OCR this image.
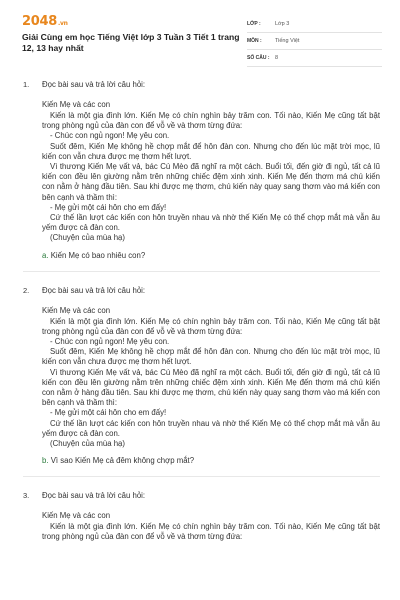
2048.vn
Giải Cùng em học Tiếng Việt lớp 3 Tuần 3 Tiết 1 trang 12, 13 hay nhất
LỚP :	Lớp 3
MÔN :	Tiếng Việt
SỐ CÂU :	8
1. Đọc bài sau và trả lời câu hỏi:
Kiến Mẹ và các con
Kiến là một gia đình lớn. Kiến Mẹ có chín nghìn bảy trăm con. Tối nào, Kiến Mẹ cũng tất bật trong phòng ngủ của đàn con để vỗ về và thơm từng đứa:
- Chúc con ngủ ngon! Mẹ yêu con.
Suốt đêm, Kiến Mẹ không hề chợp mắt để hôn đàn con. Nhưng cho đến lúc mặt trời mọc, lũ kiến con vẫn chưa được mẹ thơm hết lượt.
Vì thương Kiến Mẹ vất vả, bác Cú Mèo đã nghĩ ra một cách. Buổi tối, đến giờ đi ngủ, tất cả lũ kiến con đều lên giường nằm trên những chiếc đệm xinh xinh. Kiến Mẹ đến thơm má chú kiến con nằm ở hàng đầu tiên. Sau khi được mẹ thơm, chú kiến này quay sang thơm vào má kiến con bên cạnh và thầm thì:
- Mẹ gửi một cái hôn cho em đấy!
Cứ thế lần lượt các kiến con hôn truyền nhau và nhờ thế Kiến Mẹ có thể chợp mắt mà vẫn âu yếm được cả đàn con.
(Chuyện của mùa hạ)
a. Kiến Mẹ có bao nhiêu con?
2. Đọc bài sau và trả lời câu hỏi:
Kiến Mẹ và các con
Kiến là một gia đình lớn. Kiến Mẹ có chín nghìn bảy trăm con. Tối nào, Kiến Mẹ cũng tất bật trong phòng ngủ của đàn con để vỗ về và thơm từng đứa:
- Chúc con ngủ ngon! Mẹ yêu con.
Suốt đêm, Kiến Mẹ không hề chợp mắt để hôn đàn con. Nhưng cho đến lúc mặt trời mọc, lũ kiến con vẫn chưa được mẹ thơm hết lượt.
Vì thương Kiến Mẹ vất vả, bác Cú Mèo đã nghĩ ra một cách. Buổi tối, đến giờ đi ngủ, tất cả lũ kiến con đều lên giường nằm trên những chiếc đệm xinh xinh. Kiến Mẹ đến thơm má chú kiến con nằm ở hàng đầu tiên. Sau khi được mẹ thơm, chú kiến này quay sang thơm vào má kiến con bên cạnh và thầm thì:
- Mẹ gửi một cái hôn cho em đấy!
Cứ thế lần lượt các kiến con hôn truyền nhau và nhờ thế Kiến Mẹ có thể chợp mắt mà vẫn âu yếm được cả đàn con.
(Chuyện của mùa hạ)
b. Vì sao Kiến Mẹ cả đêm không chợp mắt?
3. Đọc bài sau và trả lời câu hỏi:
Kiến Mẹ và các con
Kiến là một gia đình lớn. Kiến Mẹ có chín nghìn bảy trăm con. Tối nào, Kiến Mẹ cũng tất bật trong phòng ngủ của đàn con để vỗ về và thơm từng đứa:
